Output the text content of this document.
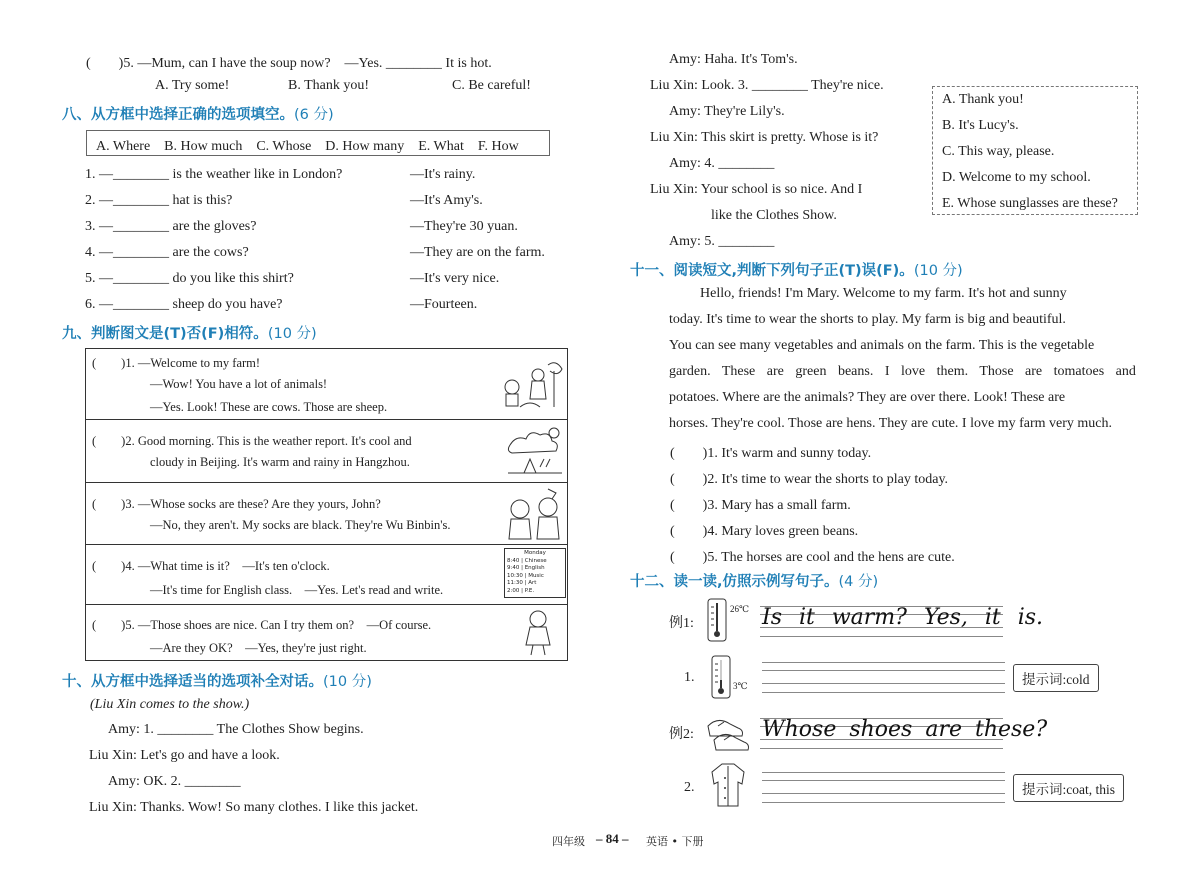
(　　)5. —Mum, can I have the soup now?　—Yes. ________ It is hot.
A. Try some!	B. Thank you!	C. Be careful!
八、从方框中选择正确的选项填空。(6 分)
A. Where　B. How much　C. Whose　D. How many　E. What　F. How
1. —________ is the weather like in London?	—It's rainy.
2. —________ hat is this?	—It's Amy's.
3. —________ are the gloves?	—They're 30 yuan.
4. —________ are the cows?	—They are on the farm.
5. —________ do you like this shirt?	—It's very nice.
6. —________ sheep do you have?	—Fourteen.
九、判断图文是(T)否(F)相符。(10 分)
(　　)1. —Welcome to my farm!
—Wow! You have a lot of animals!
—Yes. Look! These are cows. Those are sheep.
(　　)2. Good morning. This is the weather report. It's cool and
cloudy in Beijing. It's warm and rainy in Hangzhou.
(　　)3. —Whose socks are these? Are they yours, John?
—No, they aren't. My socks are black. They're Wu Binbin's.
(　　)4. —What time is it?　—It's ten o'clock.
—It's time for English class.　—Yes. Let's read and write.
Monday
8:40 | Chinese
9:40 | English
10:30 | Music
11:30 | Art
2:00 | P.E.
(　　)5. —Those shoes are nice. Can I try them on?　—Of course.
—Are they OK?　—Yes, they're just right.
十、从方框中选择适当的选项补全对话。(10 分)
(Liu Xin comes to the show.)
Amy: 1. ________ The Clothes Show begins.
Liu Xin: Let's go and have a look.
Amy: OK. 2. ________
Liu Xin: Thanks. Wow! So many clothes. I like this jacket.
Amy: Haha. It's Tom's.
Liu Xin: Look. 3. ________ They're nice.
Amy: They're Lily's.
Liu Xin: This skirt is pretty. Whose is it?
Amy: 4. ________
Liu Xin: Your school is so nice. And I
like the Clothes Show.
Amy: 5. ________
A. Thank you!
B. It's Lucy's.
C. This way, please.
D. Welcome to my school.
E. Whose sunglasses are these?
十一、阅读短文,判断下列句子正(T)误(F)。(10 分)
Hello, friends! I'm Mary. Welcome to my farm. It's hot and sunny
today. It's time to wear the shorts to play. My farm is big and beautiful.
You can see many vegetables and animals on the farm. This is the vegetable
garden. These are green beans. I love them. Those are tomatoes and
potatoes. Where are the animals? They are over there. Look! These are
horses. They're cool. Those are hens. They are cute. I love my farm very much.
(　　)1. It's warm and sunny today.
(　　)2. It's time to wear the shorts to play today.
(　　)3. Mary has a small farm.
(　　)4. Mary loves green beans.
(　　)5. The horses are cool and the hens are cute.
十二、读一读,仿照示例写句子。(4 分)
例1:
26℃ Is it warm? Yes, it is.
1.
3℃	提示词:cold
例2:	Whose shoes are these?
2.	提示词:coat, this
四年级 – 84 – 英语 • 下册
